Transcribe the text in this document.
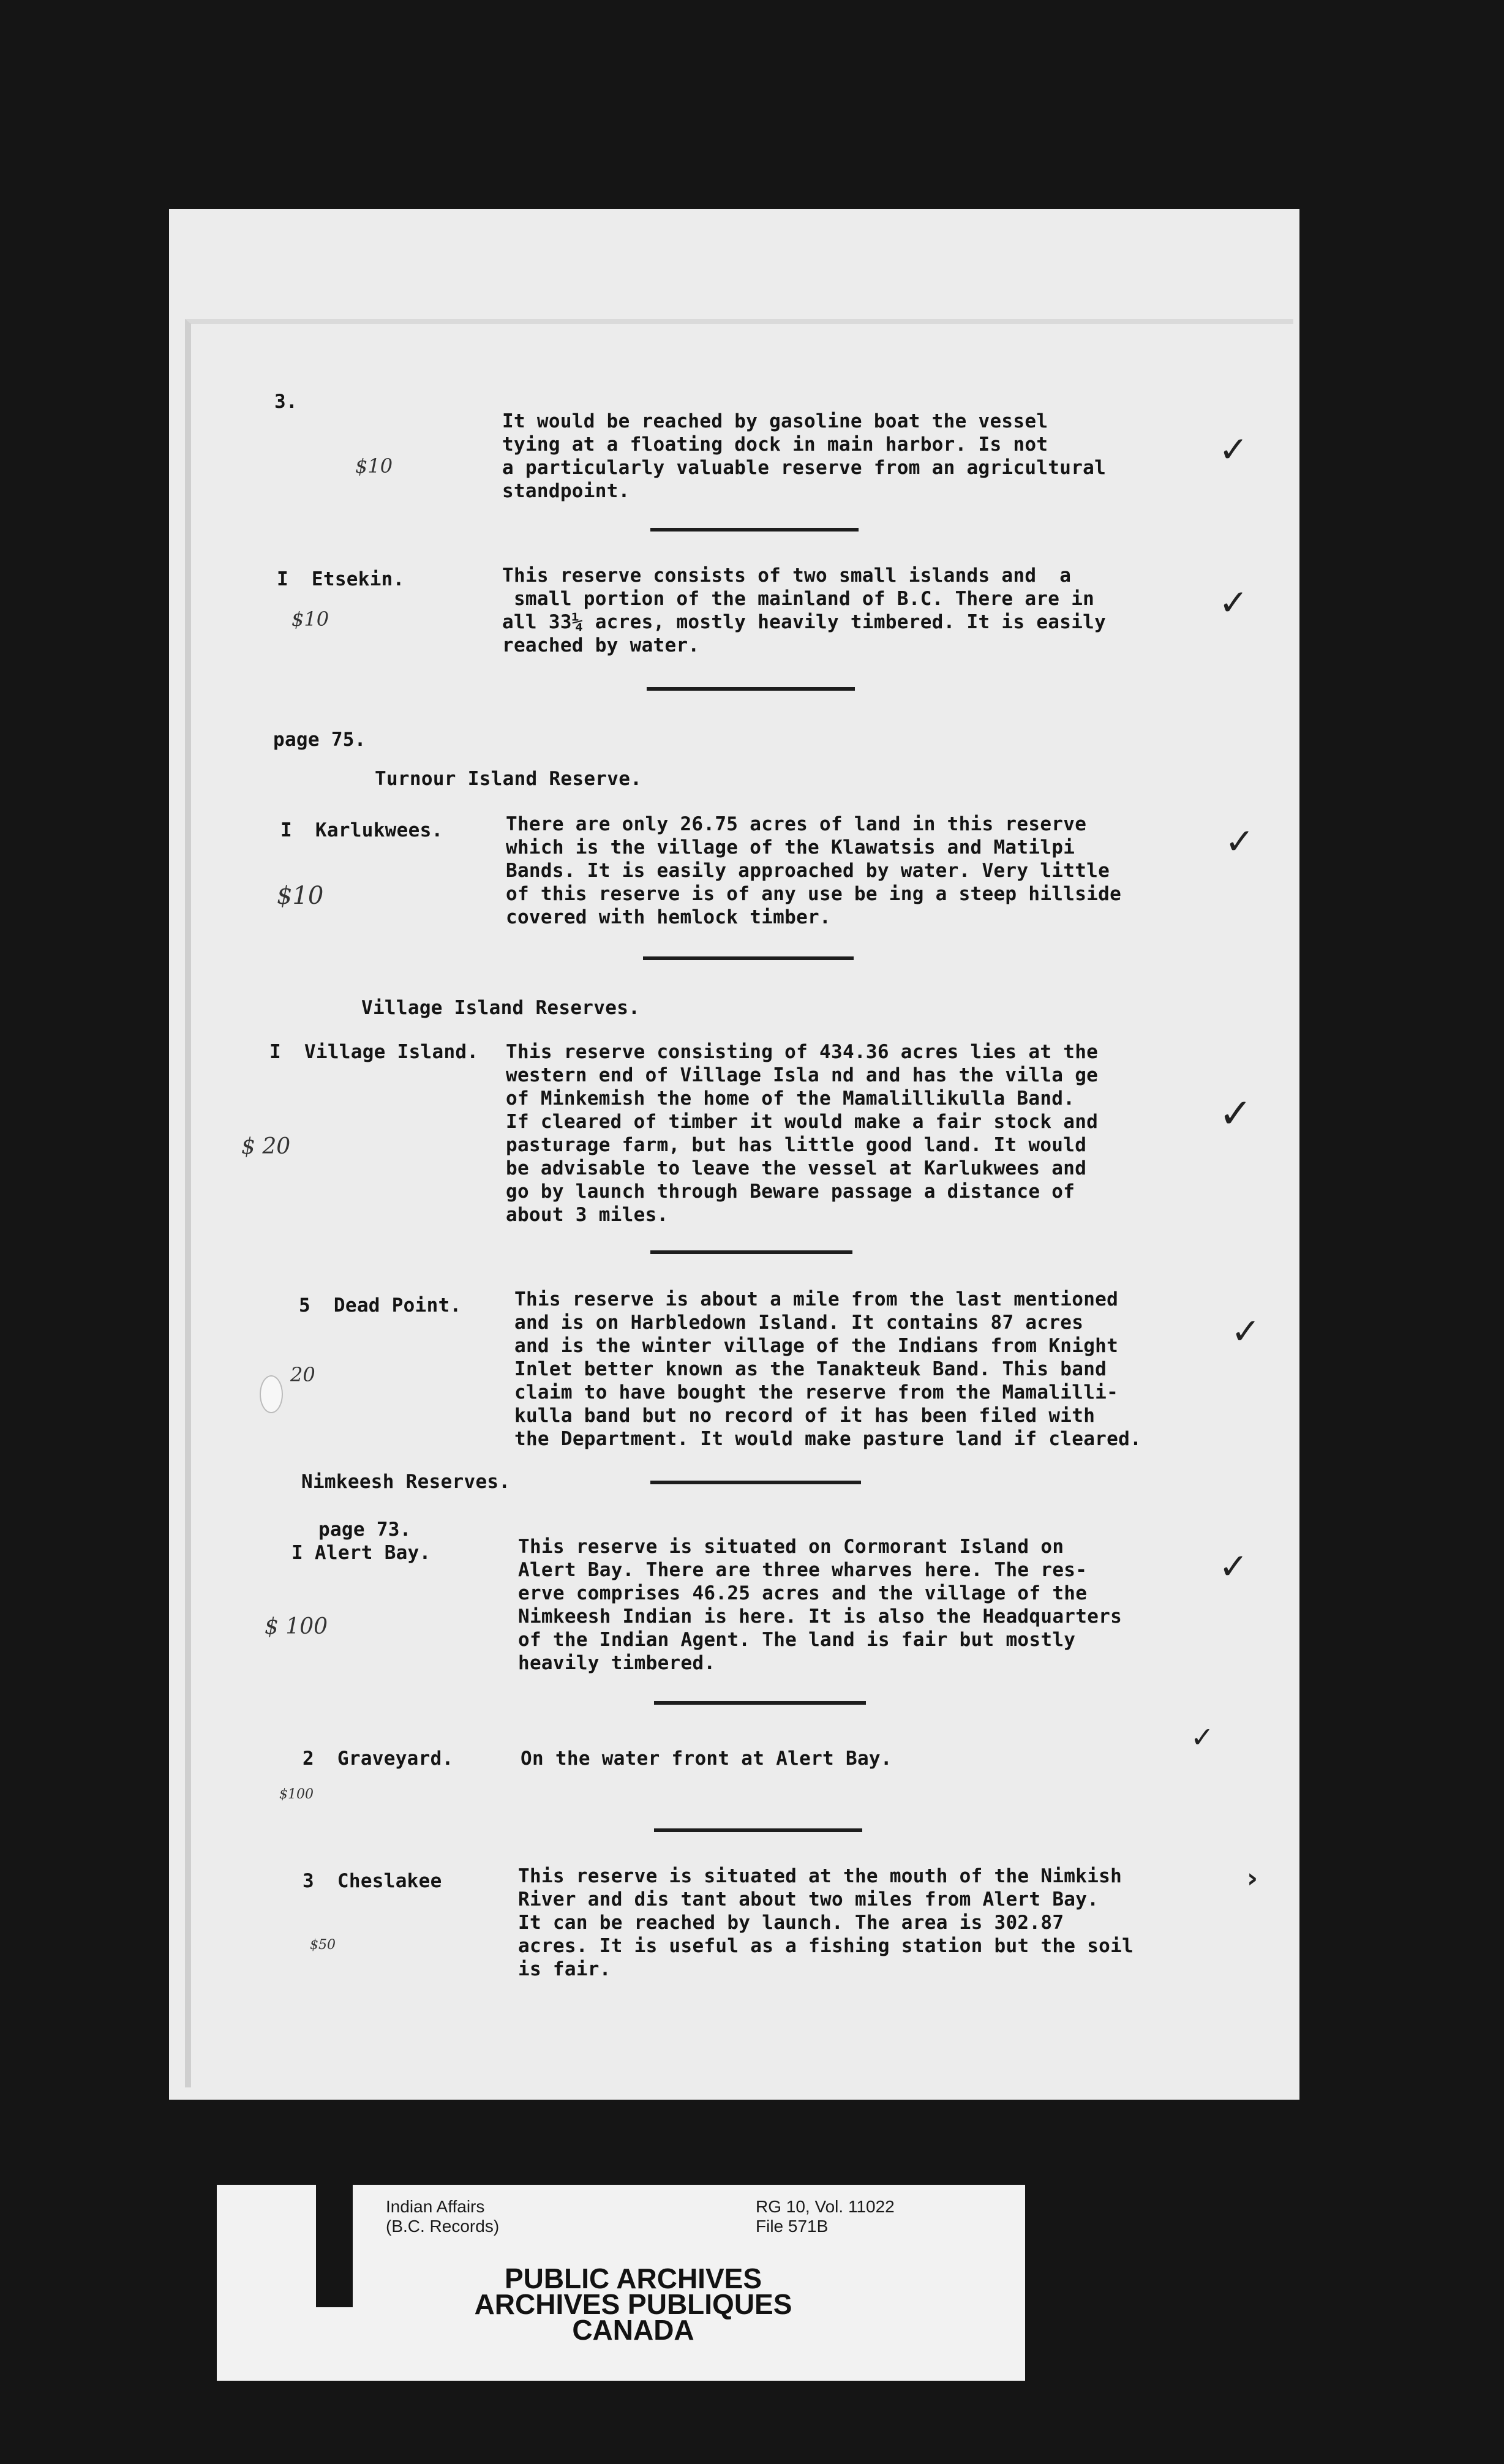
3.
It would be reached by gasoline boat the vessel
tying at a floating dock in main harbor. Is not
a particularly valuable reserve from an agricultural
standpoint.
$10	✓
I  Etsekin.	This reserve consists of two small islands and  a
small portion of the mainland of B.C. There are in
all 33¼ acres, mostly heavily timbered. It is easily
reached by water.
$10	✓
page 75.
Turnour Island Reserve.
I  Karlukwees.	There are only 26.75 acres of land in this reserve
which is the village of the Klawatsis and Matilpi
Bands. It is easily approached by water. Very little
of this reserve is of any use be ing a steep hillside
covered with hemlock timber.
$10
✓
Village Island Reserves.
I  Village Island. This reserve consisting of 434.36 acres lies at the
western end of Village Isla nd and has the villa ge
of Minkemish the home of the Mamalillikulla Band.
If cleared of timber it would make a fair stock and
pasturage farm, but has little good land. It would
be advisable to leave the vessel at Karlukwees and
go by launch through Beware passage a distance of
about 3 miles.
$ 20
✓
5  Dead Point.	This reserve is about a mile from the last mentioned
and is on Harbledown Island. It contains 87 acres
and is the winter village of the Indians from Knight
Inlet better known as the Tanakteuk Band. This band
claim to have bought the reserve from the Mamalilli-
kulla band but no record of it has been filed with
the Department. It would make pasture land if cleared.
20
✓
Nimkeesh Reserves.
page 73.
I Alert Bay.	This reserve is situated on Cormorant Island on
Alert Bay. There are three wharves here. The res-
erve comprises 46.25 acres and the village of the
Nimkeesh Indian is here. It is also the Headquarters
of the Indian Agent. The land is fair but mostly
heavily timbered.
$ 100
✓
2  Graveyard.	On the water front at Alert Bay.
$100
✓
3  Cheslakee	This reserve is situated at the mouth of the Nimkish
River and dis tant about two miles from Alert Bay.
It can be reached by launch. The area is 302.87
acres. It is useful as a fishing station but the soil
is fair.
$50
›
Indian Affairs
(B.C. Records)
RG 10, Vol. 11022
File 571B
PUBLIC ARCHIVES
ARCHIVES PUBLIQUES
CANADA
